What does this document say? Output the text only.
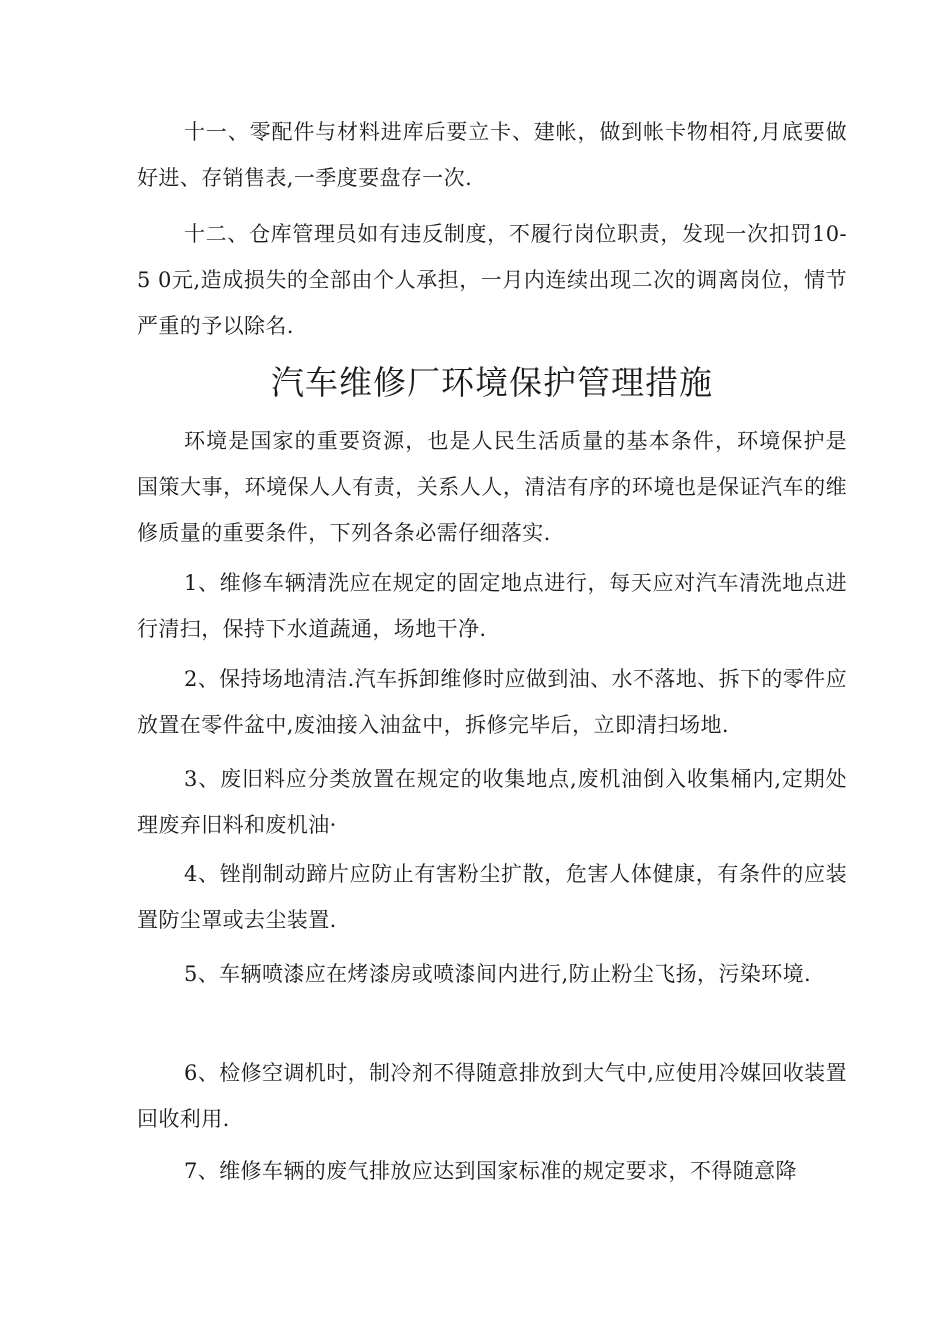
十一、零配件与材料进库后要立卡、建帐，做到帐卡物相符,月底要做好进、存销售表,一季度要盘存一次.

十二、仓库管理员如有违反制度，不履行岗位职责，发现一次扣罚10-5 0元,造成损失的全部由个人承担，一月内连续出现二次的调离岗位，情节严重的予以除名.

汽车维修厂环境保护管理措施

环境是国家的重要资源，也是人民生活质量的基本条件，环境保护是国策大事，环境保人人有责，关系人人，清洁有序的环境也是保证汽车的维修质量的重要条件，下列各条必需仔细落实.

1、维修车辆清洗应在规定的固定地点进行，每天应对汽车清洗地点进行清扫，保持下水道蔬通，场地干净.

2、保持场地清洁.汽车拆卸维修时应做到油、水不落地、拆下的零件应放置在零件盆中,废油接入油盆中，拆修完毕后，立即清扫场地.

3、废旧料应分类放置在规定的收集地点,废机油倒入收集桶内,定期处理废弃旧料和废机油·

4、锉削制动蹄片应防止有害粉尘扩散，危害人体健康，有条件的应装置防尘罩或去尘装置.

5、车辆喷漆应在烤漆房或喷漆间内进行,防止粉尘飞扬，污染环境.

6、检修空调机时，制冷剂不得随意排放到大气中,应使用冷媒回收装置回收利用.

7、维修车辆的废气排放应达到国家标准的规定要求，不得随意降
